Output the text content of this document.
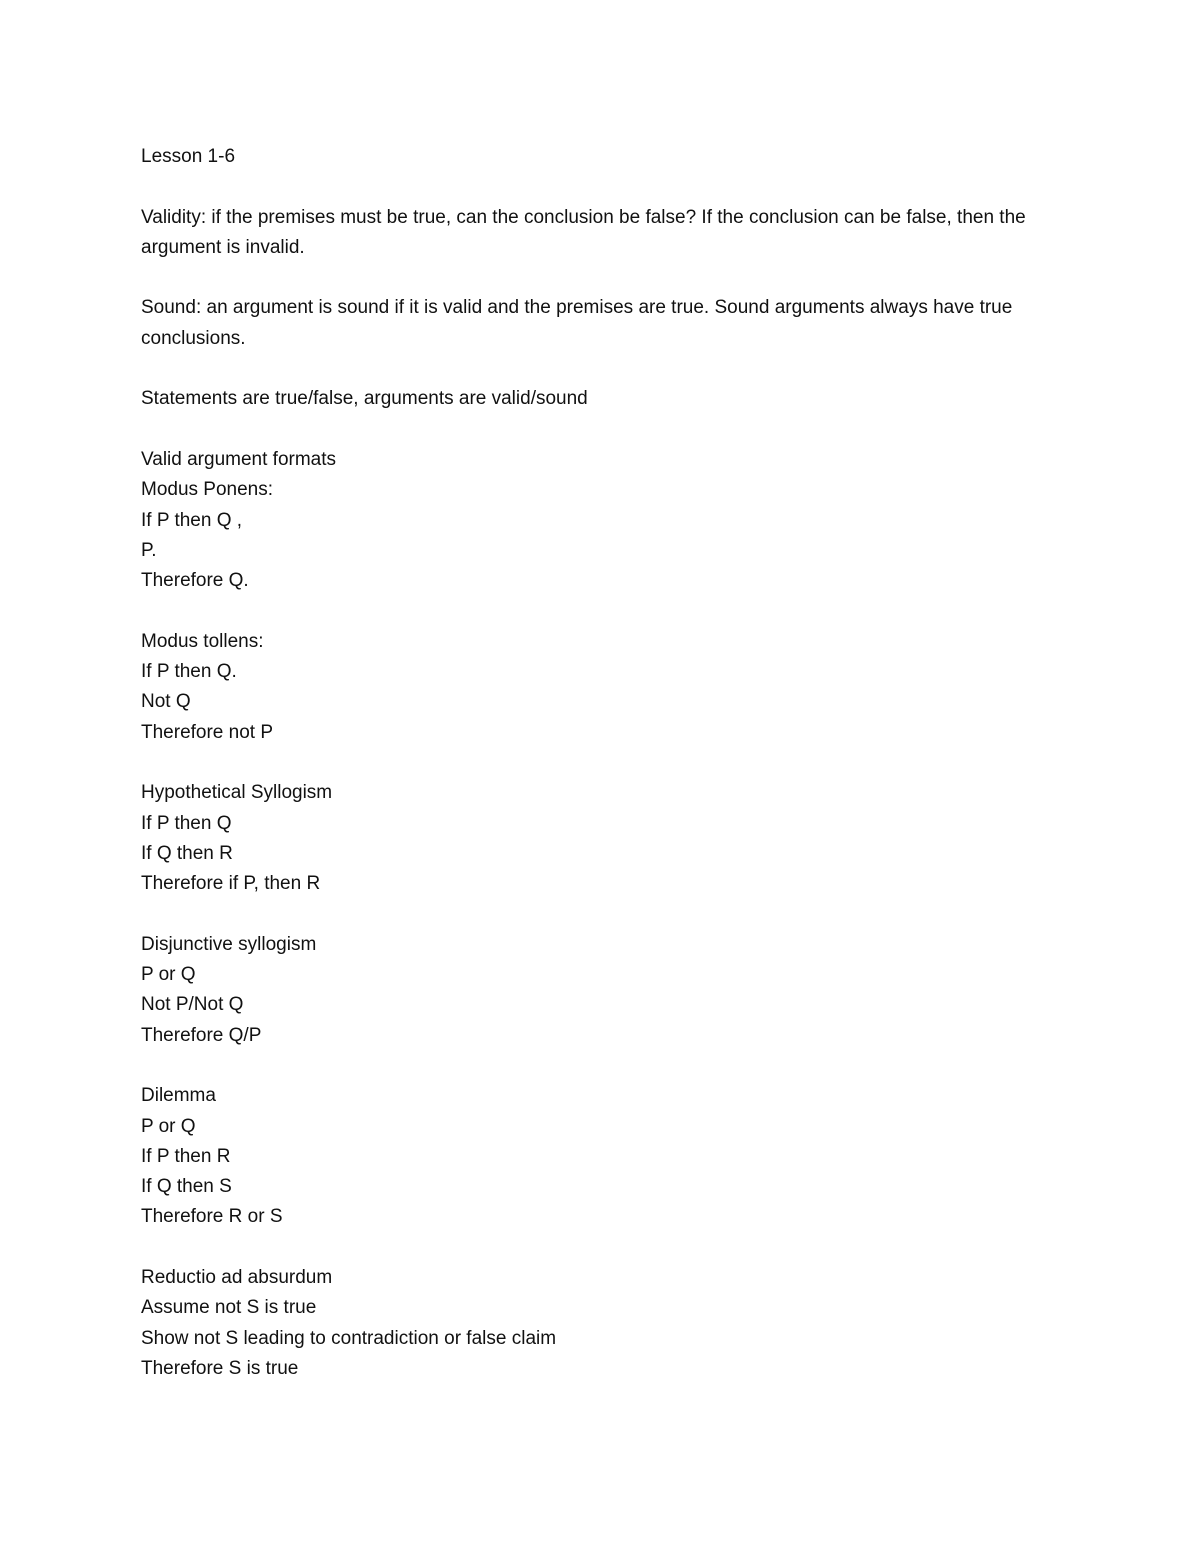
Lesson 1-6
Validity: if the premises must be true, can the conclusion be false? If the conclusion can be false, then the argument is invalid.
Sound: an argument is sound if it is valid and the premises are true. Sound arguments always have true conclusions.
Statements are true/false, arguments are valid/sound
Valid argument formats
Modus Ponens:
If P then Q ,
P.
Therefore Q.
Modus tollens:
If P then Q.
Not Q
Therefore not P
Hypothetical Syllogism
If P then Q
If Q then R
Therefore if P, then R
Disjunctive syllogism
P or Q
Not P/Not Q
Therefore Q/P
Dilemma
P or Q
If P then R
If Q then S
Therefore R or S
Reductio ad absurdum
Assume not S is true
Show not S leading to contradiction or false claim
Therefore S is true
